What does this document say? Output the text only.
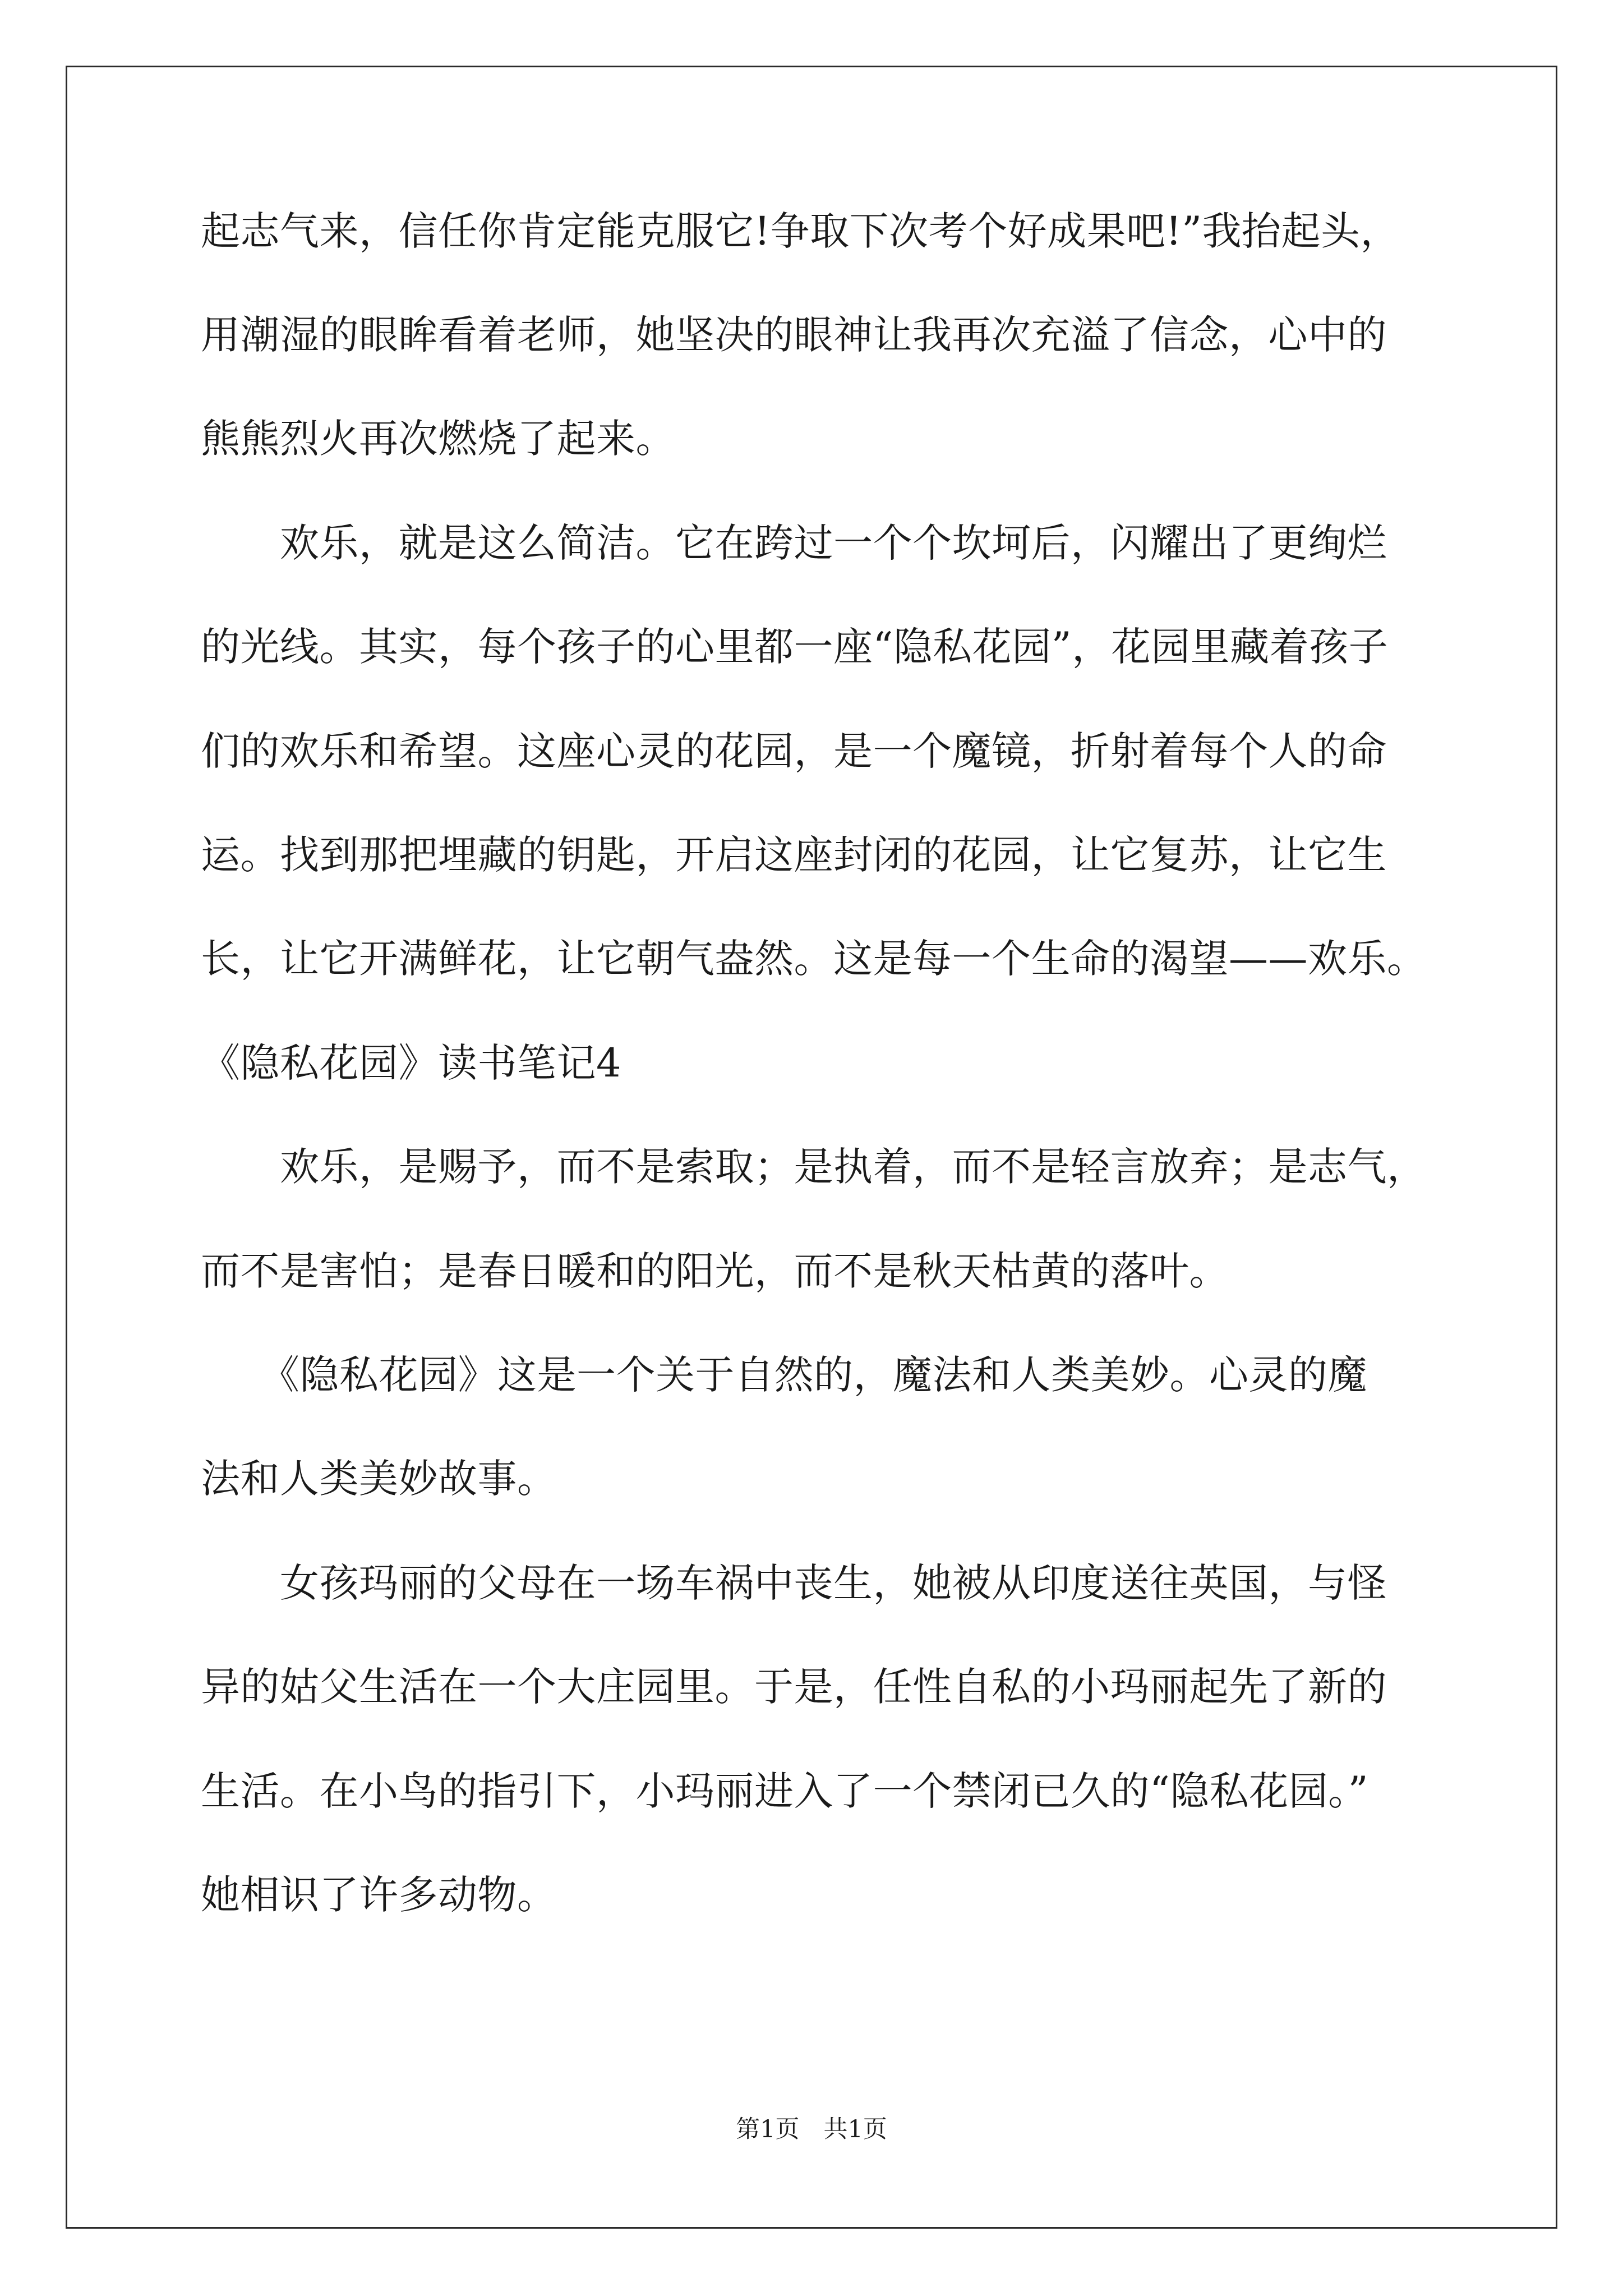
起志气来，信任你肯定能克服它!争取下次考个好成果吧!”我抬起头，
用潮湿的眼眸看着老师，她坚决的眼神让我再次充溢了信念，心中的
熊熊烈火再次燃烧了起来。
　　欢乐，就是这么简洁。它在跨过一个个坎坷后，闪耀出了更绚烂
的光线。其实，每个孩子的心里都一座“隐私花园”，花园里藏着孩子
们的欢乐和希望。这座心灵的花园，是一个魔镜，折射着每个人的命
运。找到那把埋藏的钥匙，开启这座封闭的花园，让它复苏，让它生
长，让它开满鲜花，让它朝气盎然。这是每一个生命的渴望——欢乐。
《隐私花园》读书笔记4
　　欢乐，是赐予，而不是索取；是执着，而不是轻言放弃；是志气，
而不是害怕；是春日暖和的阳光，而不是秋天枯黄的落叶。
　　《隐私花园》这是一个关于自然的，魔法和人类美妙。心灵的魔
法和人类美妙故事。
　　女孩玛丽的父母在一场车祸中丧生，她被从印度送往英国，与怪
异的姑父生活在一个大庄园里。于是，任性自私的小玛丽起先了新的
生活。在小鸟的指引下，小玛丽进入了一个禁闭已久的“隐私花园。”
她相识了许多动物。
第1页　共1页
